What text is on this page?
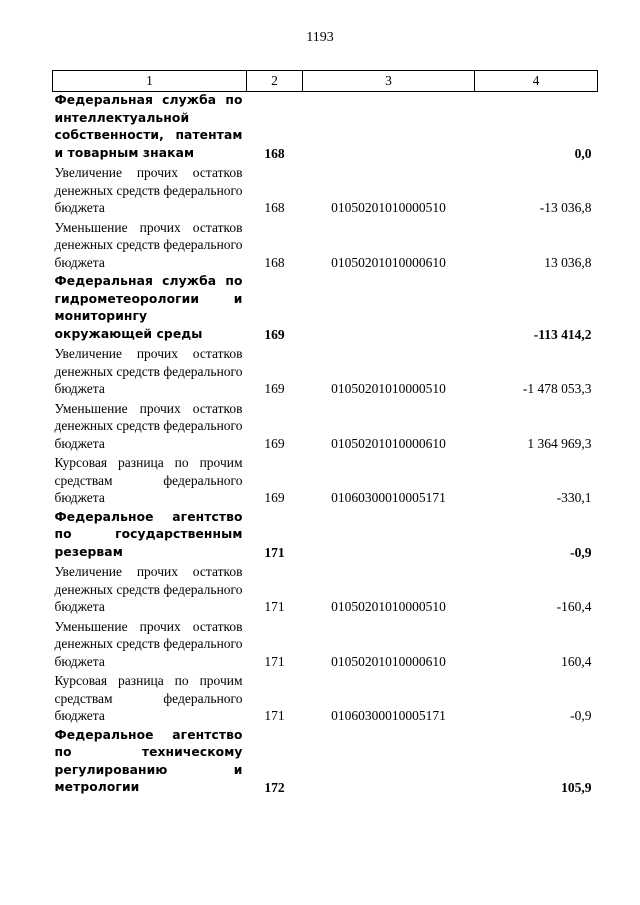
1193
1	2	3	4
Федеральная служба по интеллектуальной собственности, патентам и товарным знакам	168		0,0
Увеличение прочих остатков денежных средств федерального бюджета	168	01050201010000510	-13 036,8
Уменьшение прочих остатков денежных средств федерального бюджета	168	01050201010000610	13 036,8
Федеральная служба по гидрометеорологии и мониторингу окружающей среды	169		-113 414,2
Увеличение прочих остатков денежных средств федерального бюджета	169	01050201010000510	-1 478 053,3
Уменьшение прочих остатков денежных средств федерального бюджета	169	01050201010000610	1 364 969,3
Курсовая разница по прочим средствам федерального бюджета	169	01060300010005171	-330,1
Федеральное агентство по государственным резервам	171		-0,9
Увеличение прочих остатков денежных средств федерального бюджета	171	01050201010000510	-160,4
Уменьшение прочих остатков денежных средств федерального бюджета	171	01050201010000610	160,4
Курсовая разница по прочим средствам федерального бюджета	171	01060300010005171	-0,9
Федеральное агентство по техническому регулированию и метрологии	172		105,9
